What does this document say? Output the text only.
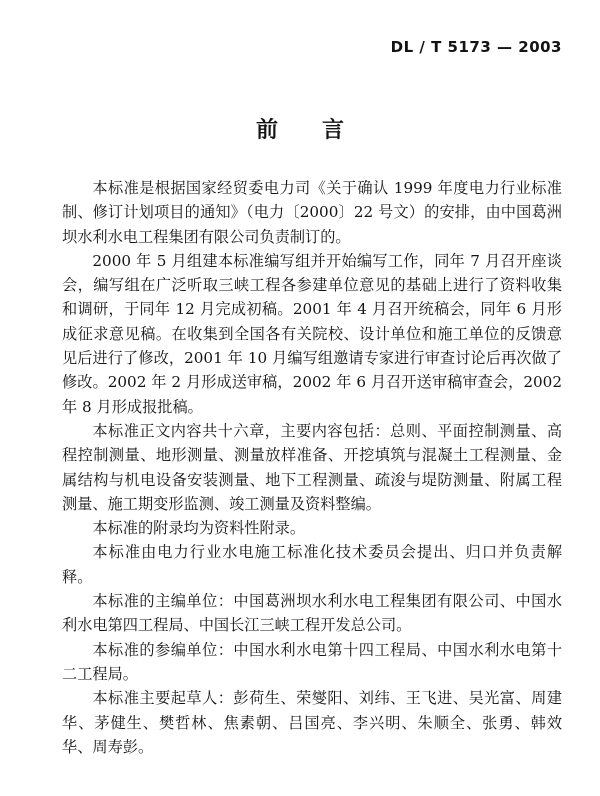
DL / T 5173 — 2003
前言

本标准是根据国家经贸委电力司《关于确认 1999 年度电力行业标准制、修订计划项目的通知》（电力〔2000〕22 号文）的安排，由中国葛洲坝水利水电工程集团有限公司负责制订的。

2000 年 5 月组建本标准编写组并开始编写工作，同年 7 月召开座谈会，编写组在广泛听取三峡工程各参建单位意见的基础上进行了资料收集和调研，于同年 12 月完成初稿。2001 年 4 月召开统稿会，同年 6 月形成征求意见稿。在收集到全国各有关院校、设计单位和施工单位的反馈意见后进行了修改，2001 年 10 月编写组邀请专家进行审查讨论后再次做了修改。2002 年 2 月形成送审稿，2002 年 6 月召开送审稿审查会，2002 年 8 月形成报批稿。

本标准正文内容共十六章，主要内容包括：总则、平面控制测量、高程控制测量、地形测量、测量放样准备、开挖填筑与混凝土工程测量、金属结构与机电设备安装测量、地下工程测量、疏浚与堤防测量、附属工程测量、施工期变形监测、竣工测量及资料整编。

本标准的附录均为资料性附录。

本标准由电力行业水电施工标准化技术委员会提出、归口并负责解释。

本标准的主编单位：中国葛洲坝水利水电工程集团有限公司、中国水利水电第四工程局、中国长江三峡工程开发总公司。

本标准的参编单位：中国水利水电第十四工程局、中国水利水电第十二工程局。

本标准主要起草人：彭荷生、荣燮阳、刘纬、王飞进、吴光富、周建华、茅健生、樊哲林、焦素朝、吕国亮、李兴明、朱顺全、张勇、韩效华、周寿彭。
